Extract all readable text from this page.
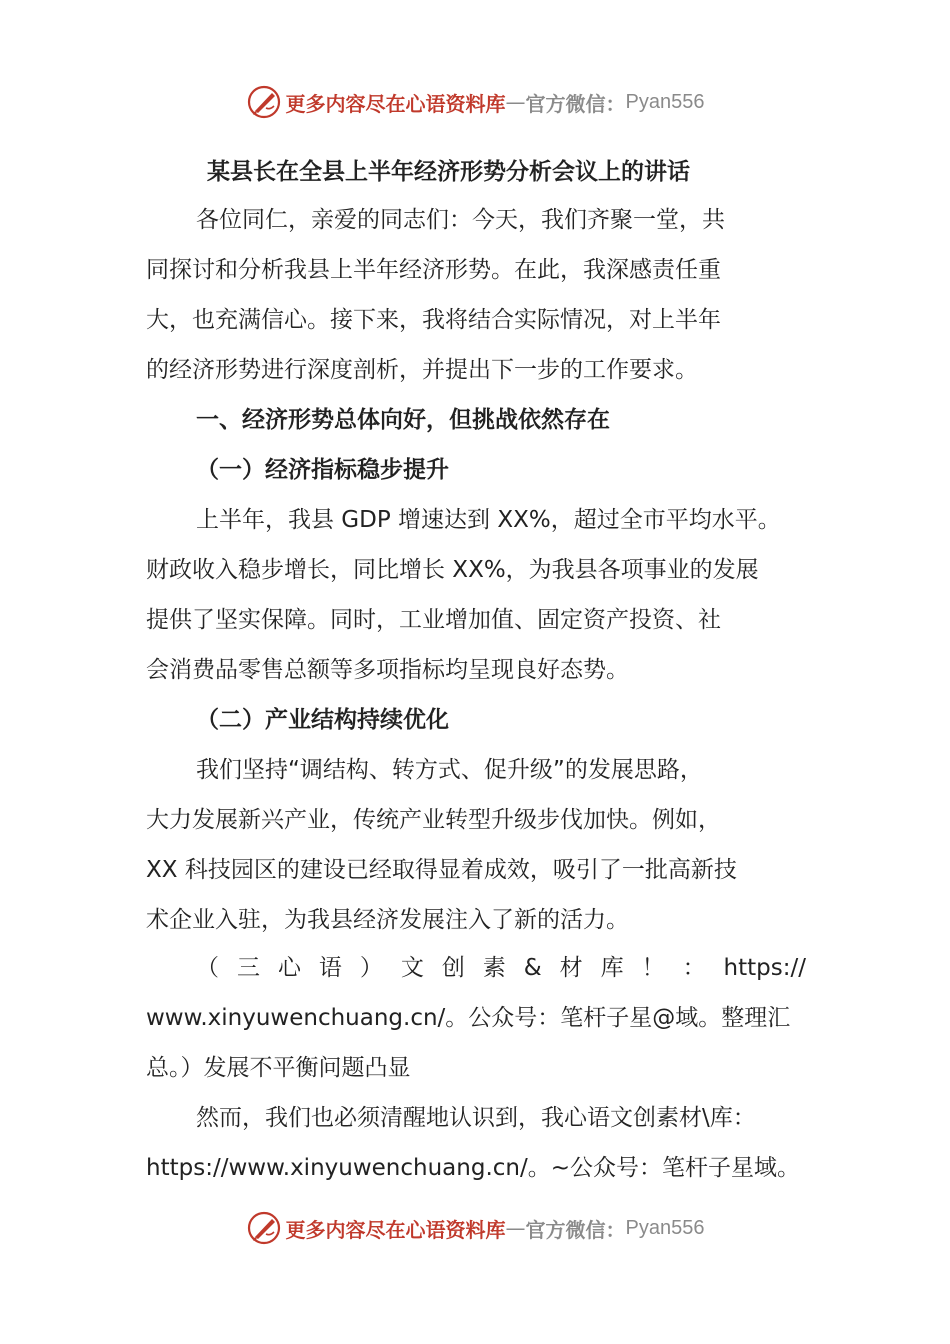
更多内容尽在心语资料库 — 官方微信： Pyan556
某县长在全县上半年经济形势分析会议上的讲话
各位同仁，亲爱的同志们：今天，我们齐聚一堂，共
同探讨和分析我县上半年经济形势。在此，我深感责任重
大，也充满信心。接下来，我将结合实际情况，对上半年
的经济形势进行深度剖析，并提出下一步的工作要求。
一、经济形势总体向好，但挑战依然存在
（一）经济指标稳步提升
上半年，我县 GDP 增速达到 XX%，超过全市平均水平。
财政收入稳步增长，同比增长 XX%，为我县各项事业的发展
提供了坚实保障。同时，工业增加值、固定资产投资、社
会消费品零售总额等多项指标均呈现良好态势。
（二）产业结构持续优化
我们坚持“调结构、转方式、促升级”的发展思路，
大力发展新兴产业，传统产业转型升级步伐加快。例如，
XX 科技园区的建设已经取得显着成效，吸引了一批高新技
术企业入驻，为我县经济发展注入了新的活力。
（ 三 心 语 ） 文 创 素 & 材 库 ！ ： https://
www.xinyuwenchuang.cn/。公众号：笔杆子星@域。整理汇
总。）发展不平衡问题凸显
然而，我们也必须清醒地认识到，我心语文创素材\库：
https://www.xinyuwenchuang.cn/。~公众号：笔杆子星域。
更多内容尽在心语资料库 — 官方微信： Pyan556
